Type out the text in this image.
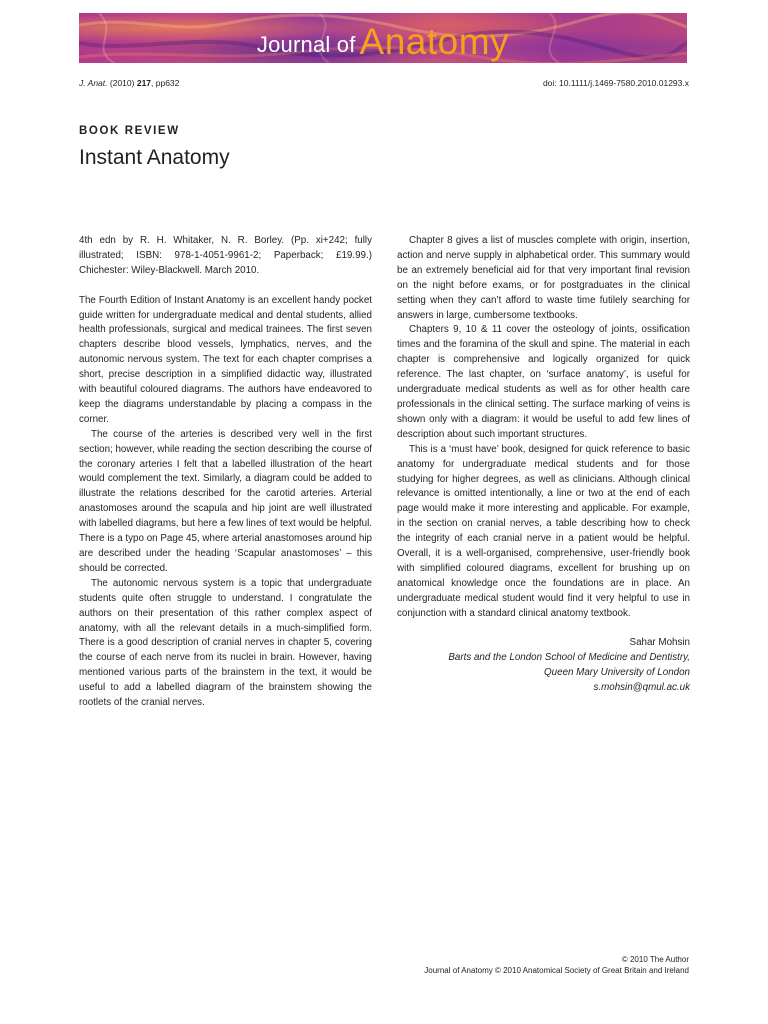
Journal of Anatomy
J. Anat. (2010) 217, pp632	doi: 10.1111/j.1469-7580.2010.01293.x
BOOK REVIEW
Instant Anatomy

4th edn by R. H. Whitaker, N. R. Borley. (Pp. xi+242; fully illustrated; ISBN: 978-1-4051-9961-2; Paperback; £19.99.) Chichester: Wiley-Blackwell. March 2010.

The Fourth Edition of Instant Anatomy is an excellent handy pocket guide written for undergraduate medical and dental students, allied health professionals, surgical and medical trainees. The first seven chapters describe blood vessels, lymphatics, nerves, and the autonomic nervous system. The text for each chapter comprises a short, precise description in a simplified didactic way, illustrated with beautiful coloured diagrams. The authors have endeavored to keep the diagrams understandable by placing a compass in the corner.

The course of the arteries is described very well in the first section; however, while reading the section describing the course of the coronary arteries I felt that a labelled illustration of the heart would complement the text. Similarly, a diagram could be added to illustrate the relations described for the carotid arteries. Arterial anastomoses around the scapula and hip joint are well illustrated with labelled diagrams, but here a few lines of text would be helpful. There is a typo on Page 45, where arterial anastomoses around hip are described under the heading ‘Scapular anastomoses’ – this should be corrected.

The autonomic nervous system is a topic that undergraduate students quite often struggle to understand. I congratulate the authors on their presentation of this rather complex aspect of anatomy, with all the relevant details in a much-simplified form. There is a good description of cranial nerves in chapter 5, covering the course of each nerve from its nuclei in brain. However, having mentioned various parts of the brainstem in the text, it would be useful to add a labelled diagram of the brainstem showing the rootlets of the cranial nerves.

Chapter 8 gives a list of muscles complete with origin, insertion, action and nerve supply in alphabetical order. This summary would be an extremely beneficial aid for that very important final revision on the night before exams, or for postgraduates in the clinical setting when they can’t afford to waste time futilely searching for answers in large, cumbersome textbooks.

Chapters 9, 10 & 11 cover the osteology of joints, ossification times and the foramina of the skull and spine. The material in each chapter is comprehensive and logically organized for quick reference. The last chapter, on ‘surface anatomy’, is useful for undergraduate medical students as well as for other health care professionals in the clinical setting. The surface marking of veins is shown only with a diagram: it would be useful to add few lines of description about such important structures.

This is a ‘must have’ book, designed for quick reference to basic anatomy for undergraduate medical students and for those studying for higher degrees, as well as clinicians. Although clinical relevance is omitted intentionally, a line or two at the end of each page would make it more interesting and applicable. For example, in the section on cranial nerves, a table describing how to check the integrity of each cranial nerve in a patient would be helpful. Overall, it is a well-organised, comprehensive, user-friendly book with simplified coloured diagrams, excellent for brushing up on anatomical knowledge once the foundations are in place. An undergraduate medical student would find it very helpful to use in conjunction with a standard clinical anatomy textbook.

Sahar Mohsin
Barts and the London School of Medicine and Dentistry,
Queen Mary University of London
s.mohsin@qmul.ac.uk
© 2010 The Author
Journal of Anatomy © 2010 Anatomical Society of Great Britain and Ireland
